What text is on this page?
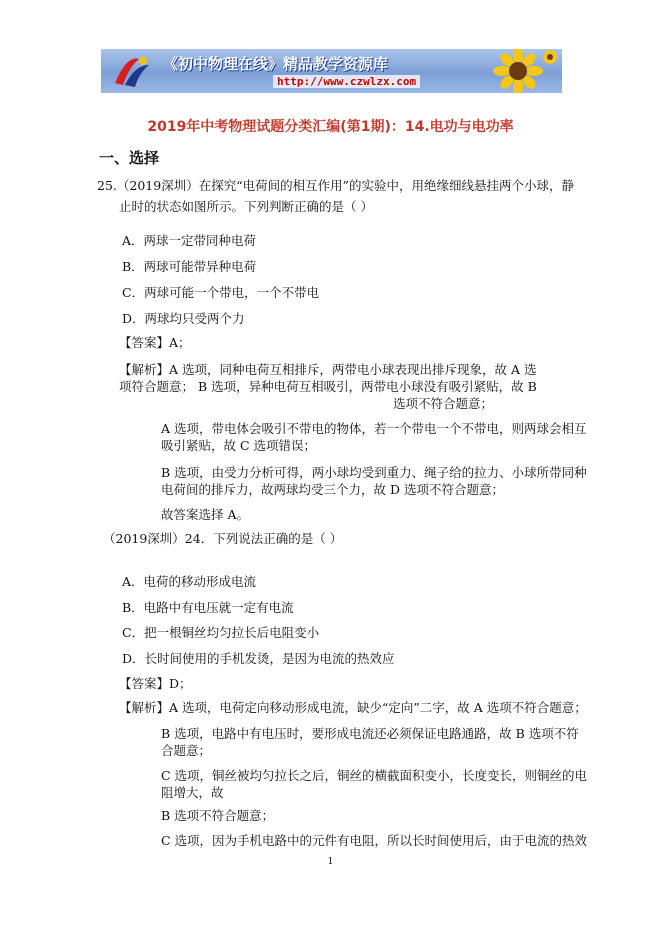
《初中物理在线》精品教学资源库
http://www.czwlzx.com
2019年中考物理试题分类汇编(第1期)：14.电功与电功率
一、选择
25.（2019深圳）在探究“电荷间的相互作用”的实验中，用绝缘细线悬挂两个小球，静
止时的状态如图所示。下列判断正确的是（ ）
A．两球一定带同种电荷
B．两球可能带异种电荷
C．两球可能一个带电，一个不带电
D．两球均只受两个力
【答案】A；
【解析】A 选项，同种电荷互相排斥，两带电小球表现出排斥现象，故 A 选
项符合题意； B 选项，异种电荷互相吸引，两带电小球没有吸引紧贴，故 B
选项不符合题意；
A 选项，带电体会吸引不带电的物体，若一个带电一个不带电，则两球会相互
吸引紧贴，故 C 选项错误；
B 选项，由受力分析可得，两小球均受到重力、绳子给的拉力、小球所带同种
电荷间的排斥力，故两球均受三个力，故 D 选项不符合题意；
故答案选择 A。
（2019深圳）24．下列说法正确的是（ ）
A．电荷的移动形成电流
B．电路中有电压就一定有电流
C．把一根铜丝均匀拉长后电阻变小
D．长时间使用的手机发烫，是因为电流的热效应
【答案】D；
【解析】A 选项，电荷定向移动形成电流，缺少“定向”二字，故 A 选项不符合题意；
B 选项，电路中有电压时，要形成电流还必须保证电路通路，故 B 选项不符
合题意；
C 选项，铜丝被均匀拉长之后，铜丝的横截面积变小，长度变长，则铜丝的电
阻增大，故
B 选项不符合题意；
C 选项，因为手机电路中的元件有电阻，所以长时间使用后，由于电流的热效
1
